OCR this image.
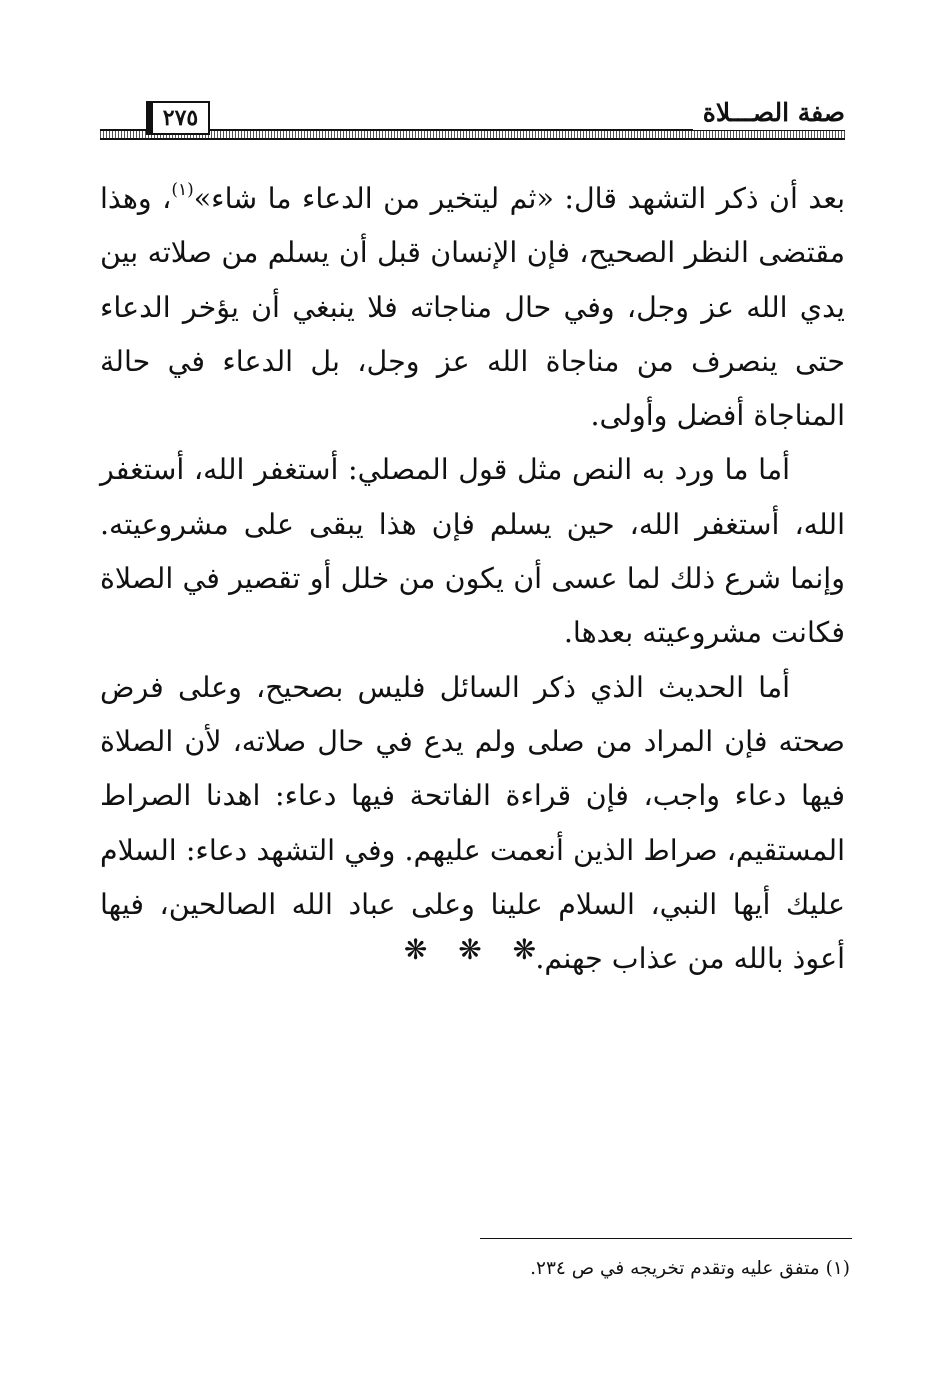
٢٧٥	صفة الصـــلاة

بعد أن ذكر التشهد قال: «ثم ليتخير من الدعاء ما شاء»$^{(١)}$، وهذا مقتضى النظر الصحيح، فإن الإنسان قبل أن يسلم من صلاته بين يدي الله عز وجل، وفي حال مناجاته فلا ينبغي أن يؤخر الدعاء حتى ينصرف من مناجاة الله عز وجل، بل الدعاء في حالة المناجاة أفضل وأولى.

أما ما ورد به النص مثل قول المصلي: أستغفر الله، أستغفر الله، أستغفر الله، حين يسلم فإن هذا يبقى على مشروعيته. وإنما شرع ذلك لما عسى أن يكون من خلل أو تقصير في الصلاة فكانت مشروعيته بعدها.

أما الحديث الذي ذكر السائل فليس بصحيح، وعلى فرض صحته فإن المراد من صلى ولم يدع في حال صلاته، لأن الصلاة فيها دعاء واجب، فإن قراءة الفاتحة فيها دعاء: اهدنا الصراط المستقيم، صراط الذين أنعمت عليهم. وفي التشهد دعاء: السلام عليك أيها النبي، السلام علينا وعلى عباد الله الصالحين، فيها أعوذ بالله من عذاب جهنم.

❋ ❋ ❋
(١)متفق عليه وتقدم تخريجه في ص ٢٣٤.
